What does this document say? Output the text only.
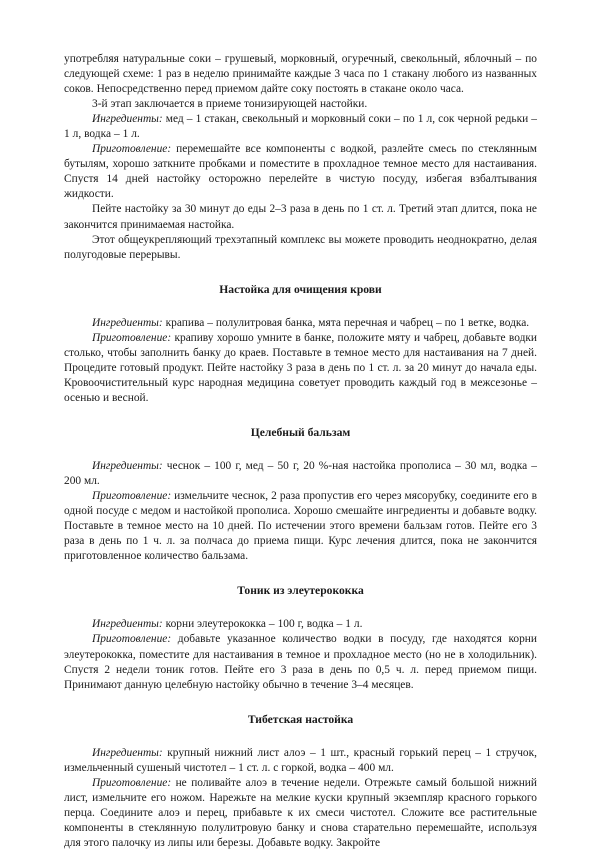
употребляя натуральные соки – грушевый, морковный, огуречный, свекольный, яблочный – по следующей схеме: 1 раз в неделю принимайте каждые 3 часа по 1 стакану любого из названных соков. Непосредственно перед приемом дайте соку постоять в стакане около часа.

3-й этап заключается в приеме тонизирующей настойки.

Ингредиенты: мед – 1 стакан, свекольный и морковный соки – по 1 л, сок черной редьки – 1 л, водка – 1 л.

Приготовление: перемешайте все компоненты с водкой, разлейте смесь по стеклянным бутылям, хорошо заткните пробками и поместите в прохладное темное место для настаивания. Спустя 14 дней настойку осторожно перелейте в чистую посуду, избегая взбалтывания жидкости.

Пейте настойку за 30 минут до еды 2–3 раза в день по 1 ст. л. Третий этап длится, пока не закончится принимаемая настойка.

Этот общеукрепляющий трехэтапный комплекс вы можете проводить неоднократно, делая полугодовые перерывы.

Настойка для очищения крови

Ингредиенты: крапива – полулитровая банка, мята перечная и чабрец – по 1 ветке, водка.

Приготовление: крапиву хорошо умните в банке, положите мяту и чабрец, добавьте водки столько, чтобы заполнить банку до краев. Поставьте в темное место для настаивания на 7 дней. Процедите готовый продукт. Пейте настойку 3 раза в день по 1 ст. л. за 20 минут до начала еды. Кровоочистительный курс народная медицина советует проводить каждый год в межсезонье – осенью и весной.

Целебный бальзам

Ингредиенты: чеснок – 100 г, мед – 50 г, 20 %-ная настойка прополиса – 30 мл, водка – 200 мл.

Приготовление: измельчите чеснок, 2 раза пропустив его через мясорубку, соедините его в одной посуде с медом и настойкой прополиса. Хорошо смешайте ингредиенты и добавьте водку. Поставьте в темное место на 10 дней. По истечении этого времени бальзам готов. Пейте его 3 раза в день по 1 ч. л. за полчаса до приема пищи. Курс лечения длится, пока не закончится приготовленное количество бальзама.

Тоник из элеутерококка

Ингредиенты: корни элеутерококка – 100 г, водка – 1 л.

Приготовление: добавьте указанное количество водки в посуду, где находятся корни элеутерококка, поместите для настаивания в темное и прохладное место (но не в холодильник). Спустя 2 недели тоник готов. Пейте его 3 раза в день по 0,5 ч. л. перед приемом пищи. Принимают данную целебную настойку обычно в течение 3–4 месяцев.

Тибетская настойка

Ингредиенты: крупный нижний лист алоэ – 1 шт., красный горький перец – 1 стручок, измельченный сушеный чистотел – 1 ст. л. с горкой, водка – 400 мл.

Приготовление: не поливайте алоэ в течение недели. Отрежьте самый большой нижний лист, измельчите его ножом. Нарежьте на мелкие куски крупный экземпляр красного горького перца. Соедините алоэ и перец, прибавьте к их смеси чистотел. Сложите все растительные компоненты в стеклянную полулитровую банку и снова старательно перемешайте, используя для этого палочку из липы или березы. Добавьте водку. Закройте
